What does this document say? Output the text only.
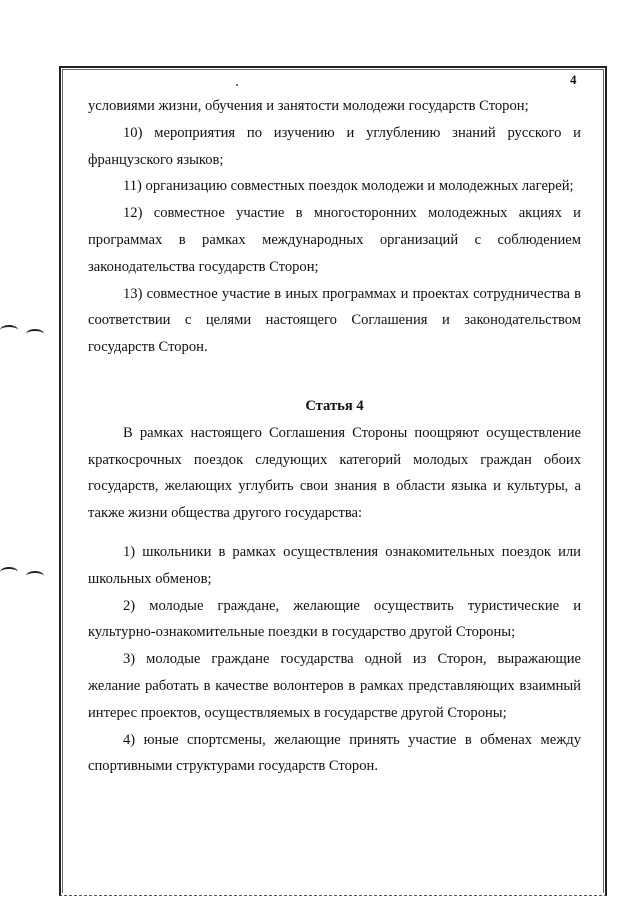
4

условиями жизни, обучения и занятости молодежи государств Сторон;

10) мероприятия по изучению и углублению знаний русского и французского языков;

11) организацию совместных поездок молодежи и молодежных лагерей;

12) совместное участие в многосторонних молодежных акциях и программах в рамках международных организаций с соблюдением законодательства государств Сторон;

13) совместное участие в иных программах и проектах сотрудничества в соответствии с целями настоящего Соглашения и законодательством государств Сторон.

Статья 4

В рамках настоящего Соглашения Стороны поощряют осуществление краткосрочных поездок следующих категорий молодых граждан обоих государств, желающих углубить свои знания в области языка и культуры, а также жизни общества другого государства:

1) школьники в рамках осуществления ознакомительных поездок или школьных обменов;

2) молодые граждане, желающие осуществить туристические и культурно-ознакомительные поездки в государство другой Стороны;

3) молодые граждане государства одной из Сторон, выражающие желание работать в качестве волонтеров в рамках представляющих взаимный интерес проектов, осуществляемых в государстве другой Стороны;

4) юные спортсмены, желающие принять участие в обменах между спортивными структурами государств Сторон.
